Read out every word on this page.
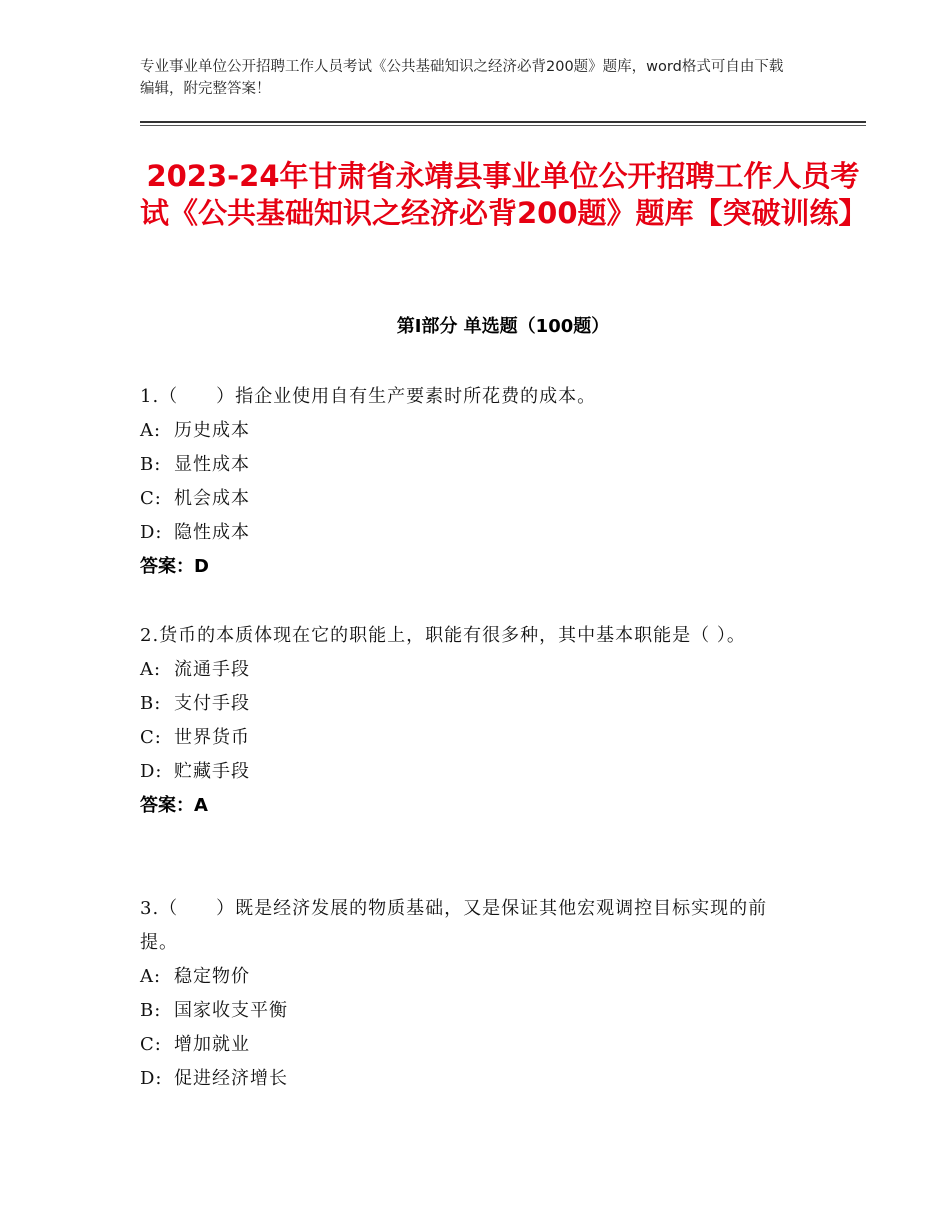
专业事业单位公开招聘工作人员考试《公共基础知识之经济必背200题》题库，word格式可自由下载编辑，附完整答案！
2023-24年甘肃省永靖县事业单位公开招聘工作人员考试《公共基础知识之经济必背200题》题库【突破训练】
第Ⅰ部分 单选题（100题）

1.（　　）指企业使用自有生产要素时所花费的成本。

A: 历史成本

B: 显性成本

C: 机会成本

D: 隐性成本

答案：D

2.货币的本质体现在它的职能上，职能有很多种，其中基本职能是（ ）。

A: 流通手段

B: 支付手段

C: 世界货币

D: 贮藏手段

答案：A

3.（　　）既是经济发展的物质基础，又是保证其他宏观调控目标实现的前提。

A: 稳定物价

B: 国家收支平衡

C: 增加就业

D: 促进经济增长
